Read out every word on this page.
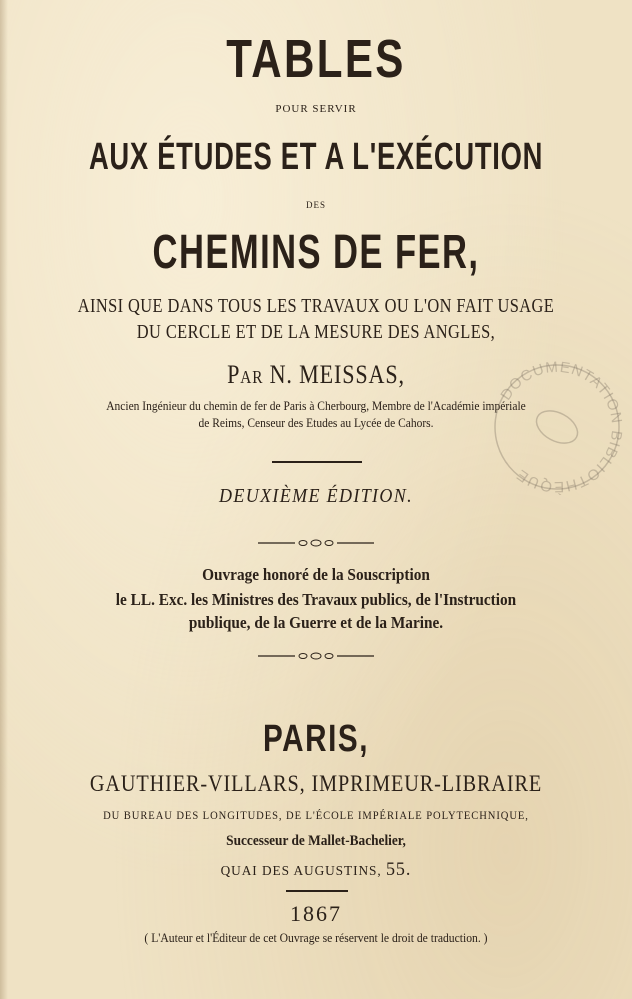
TABLES
POUR SERVIR
AUX ÉTUDES ET A L'EXÉCUTION
DES
CHEMINS DE FER,
AINSI QUE DANS TOUS LES TRAVAUX OU L'ON FAIT USAGE
DU CERCLE ET DE LA MESURE DES ANGLES,
Par N. MEISSAS,
Ancien Ingénieur du chemin de fer de Paris à Cherbourg, Membre de l'Académie impériale
de Reims, Censeur des Etudes au Lycée de Cahors.
DOCUMENTATION BIBLIOTHÈQUE
DEUXIÈME ÉDITION.
Ouvrage honoré de la Souscription
le LL. Exc. les Ministres des Travaux publics, de l'Instruction
publique, de la Guerre et de la Marine.
PARIS,
GAUTHIER-VILLARS, IMPRIMEUR-LIBRAIRE
DU BUREAU DES LONGITUDES, DE L'ÉCOLE IMPÉRIALE POLYTECHNIQUE,
Successeur de Mallet-Bachelier,
QUAI DES AUGUSTINS, 55.
1867
( L'Auteur et l'Éditeur de cet Ouvrage se réservent le droit de traduction. )
